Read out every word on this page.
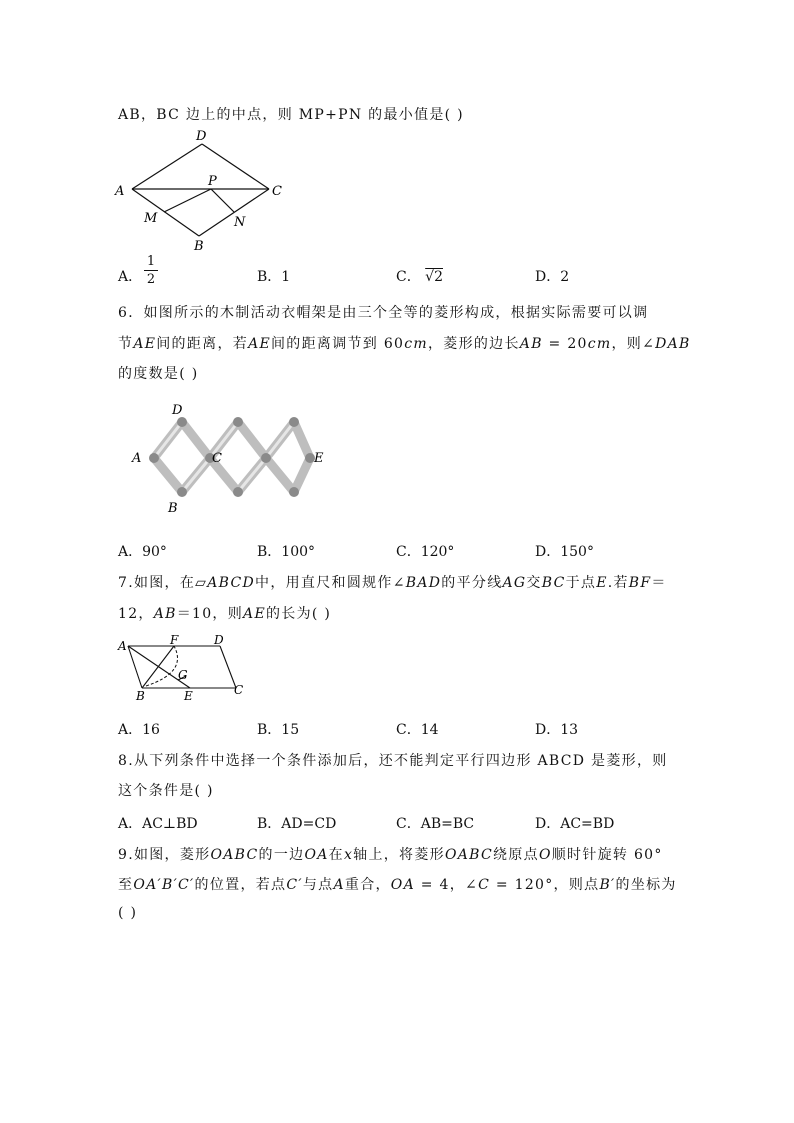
AB，BC 边上的中点，则 MP+PN 的最小值是( )
A
D
C
B
P
M	N
A．
1
2	B．1	C． √2	D．2
6．如图所示的木制活动衣帽架是由三个全等的菱形构成，根据实际需要可以调
节AE间的距离，若AE间的距离调节到 60cm，菱形的边长AB = 20cm，则∠DAB
的度数是( )
A
D
C
B
E
A．90°	B．100°	C．120°	D．150°
7.如图，在▱ABCD中，用直尺和圆规作∠BAD的平分线AG交BC于点E.若BF＝
12，AB＝10，则AE的长为( )
A	F	D
G
B	E	C
A．16	B．15	C．14	D．13
8.从下列条件中选择一个条件添加后，还不能判定平行四边形 ABCD 是菱形，则
这个条件是( )
A．AC⊥BD	B．AD=CD	C．AB=BC	D．AC=BD
9.如图，菱形OABC的一边OA在x轴上，将菱形OABC绕原点O顺时针旋转 60°
至OA′B′C′的位置，若点C′与点A重合，OA = 4，∠C = 120°，则点B′的坐标为
( )
